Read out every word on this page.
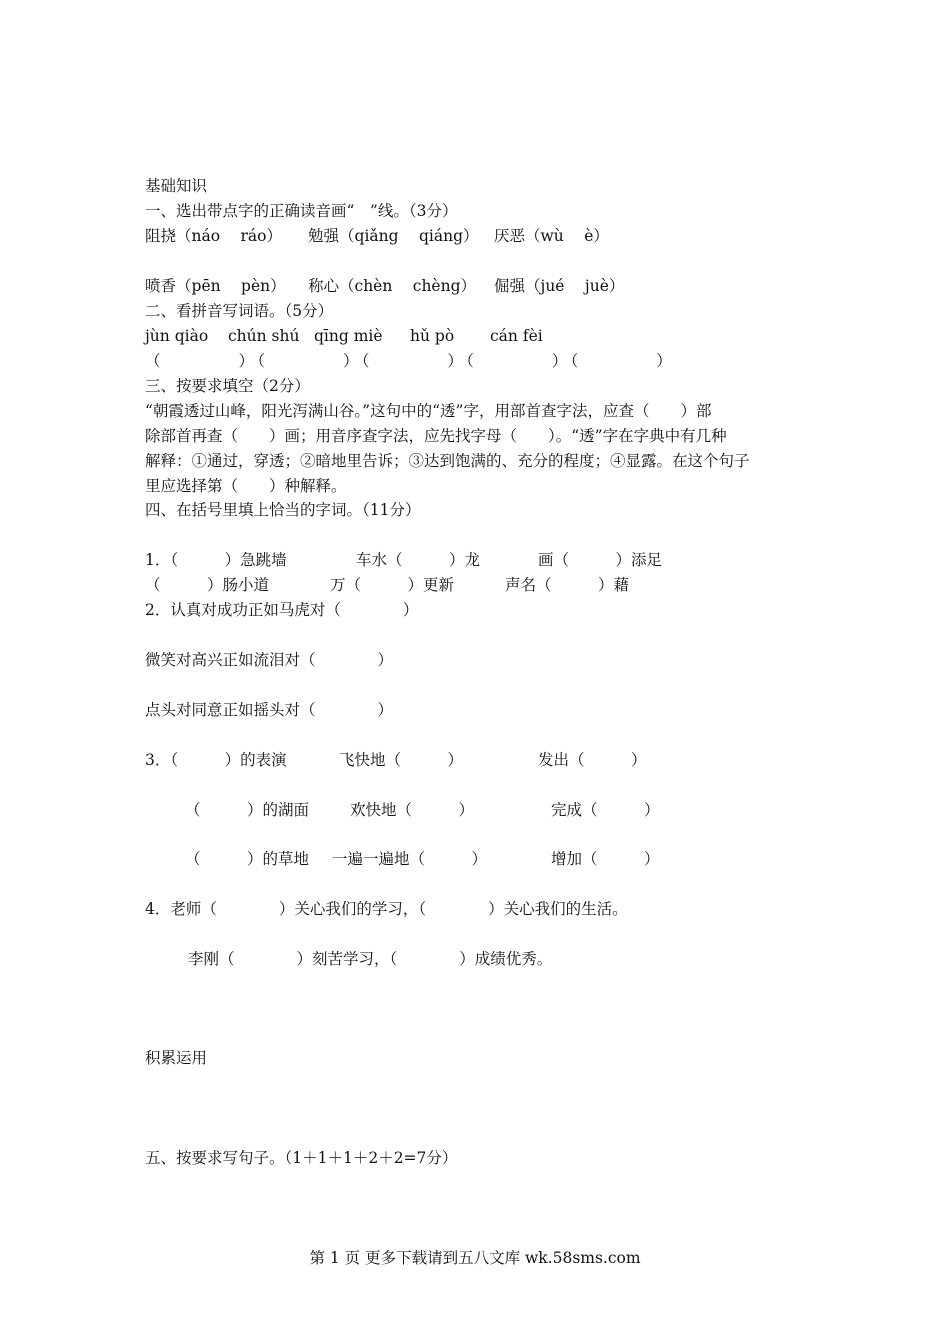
基础知识
一、选出带点字的正确读音画“　”线。（3分）
阻挠（náo　 ráo） 勉强（qiǎng　 qiáng） 厌恶（wù　 è）
喷香（pēn　 pèn） 称心（chèn　 chèng） 倔强（jué　 juè）
二、看拼音写词语。（5分）
jùn qiào chún shú qīng miè hǔ pò cán fèi
（　　　　）（　　　　）（　　　　）（　　　　）（　　　　）
三、按要求填空（2分）
“朝霞透过山峰，阳光泻满山谷。”这句中的“透”字，用部首查字法，应查（　　）部
除部首再查（　　）画；用音序查字法，应先找字母（　　）。“透”字在字典中有几种
解释：①通过，穿透；②暗地里告诉；③达到饱满的、充分的程度；④显露。在这个句子
里应选择第（　　）种解释。
四、在括号里填上恰当的字词。（11分）
1．（　　　）急跳墙	车水（　　　）龙	画（　　　）添足
（　　　）肠小道	万（　　　）更新	声名（　　　）藉
2．认真对成功正如马虎对（　　　　）
微笑对高兴正如流泪对（　　　　）
点头对同意正如摇头对（　　　　）
3．（　　　）的表演	飞快地（　　　）	发出（　　　）
（　　　）的湖面	欢快地（　　　）	完成（　　　）
（　　　）的草地 一遍一遍地（　　　）	增加（　　　）
4．老师（　　　　）关心我们的学习，（　　　　）关心我们的生活。
李刚（　　　　）刻苦学习，（　　　　）成绩优秀。
积累运用
五、按要求写句子。（1＋1＋1＋2＋2=7分）
第 1 页 更多下载请到五八文库 wk.58sms.com
